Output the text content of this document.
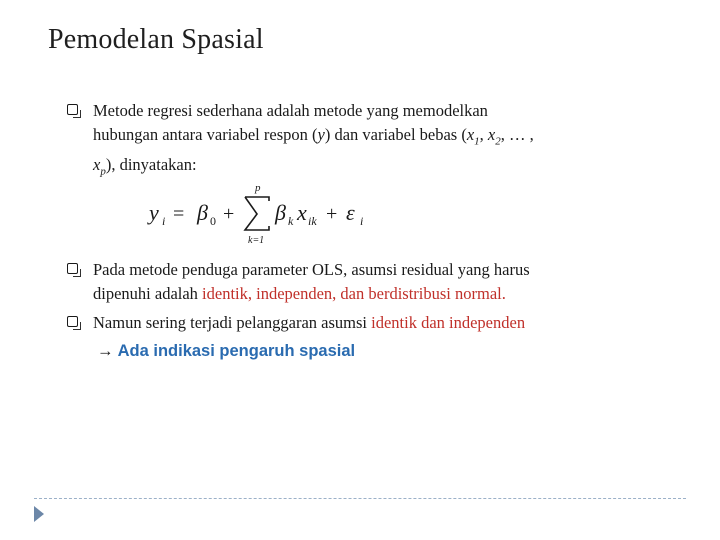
Pemodelan Spasial
Metode regresi sederhana adalah metode yang memodelkan
hubungan antara variabel respon (y) dan variabel bebas ($x_1$, $x_2$, … ,
$x_p$), dinyatakan:
y i = β 0 +
p
k=1
β k x ik + ε i
Pada metode penduga parameter OLS, asumsi residual yang harus
dipenuhi adalah identik, independen, dan berdistribusi normal.
Namun sering terjadi pelanggaran asumsi identik dan independen
→ Ada indikasi pengaruh spasial
